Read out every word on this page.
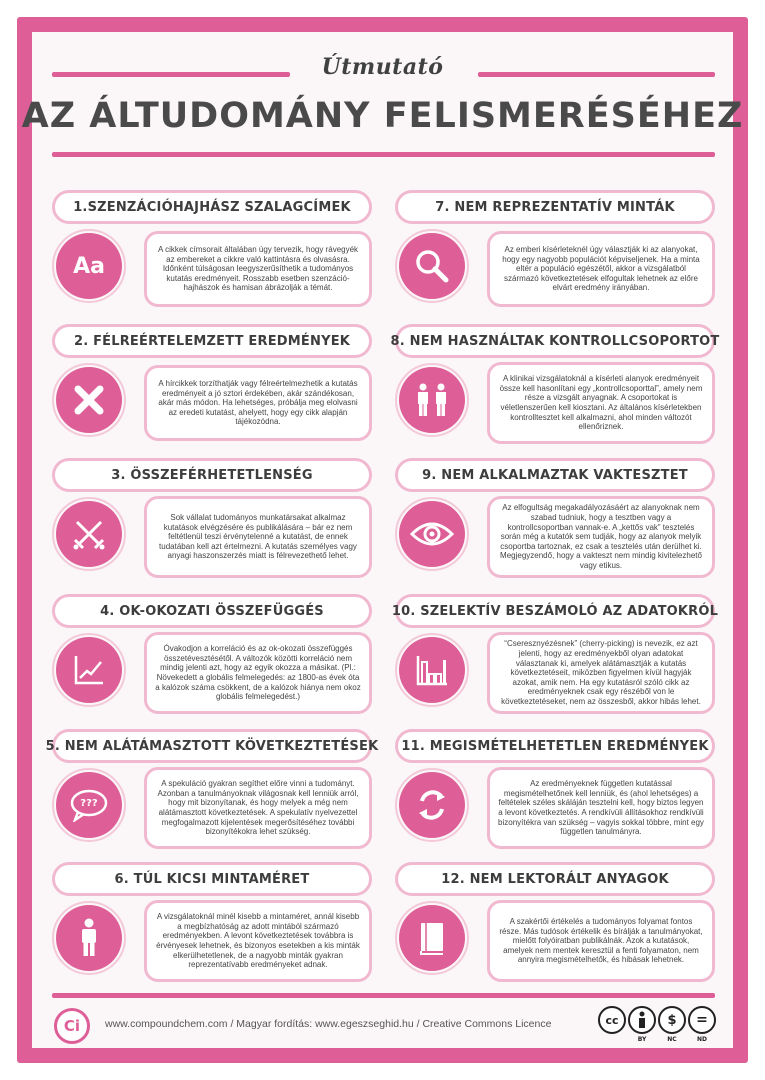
Útmutató
AZ ÁLTUDOMÁNY FELISMERÉSÉHEZ
1.SZENZÁCIÓHAJHÁSZ SZALAGCÍMEK
Aa

A cikkek címsorait általában úgy tervezik, hogy rávegyék az embereket a cikkre való kattintásra és olvasásra. Időnként túlságosan leegyszerűsíthetik a tudományos kutatás eredményeit. Rosszabb esetben szenzáció-hajhászok és hamisan ábrázolják a témát.

2. FÉLREÉRTELEMZETT EREDMÉNYEK

A hírcikkek torzíthatják vagy félreértelmezhetik a kutatás eredményeit a jó sztori érdekében, akár szándékosan, akár más módon. Ha lehetséges, próbálja meg elolvasni az eredeti kutatást, ahelyett, hogy egy cikk alapján tájékozódna.

3. ÖSSZEFÉRHETETLENSÉG

Sok vállalat tudományos munkatársakat alkalmaz kutatások elvégzésére és publikálására – bár ez nem feltétlenül teszi érvénytelenné a kutatást, de ennek tudatában kell azt értelmezni. A kutatás személyes vagy anyagi haszonszerzés miatt is félrevezethető lehet.

4. OK-OKOZATI ÖSSZEFÜGGÉS

Óvakodjon a korreláció és az ok-okozati összefüggés összetévesztésétől. A változók közötti korreláció nem mindig jelenti azt, hogy az egyik okozza a másikat. (Pl.: Növekedett a globális felmelegedés: az 1800-as évek óta a kalózok száma csökkent, de a kalózok hiánya nem okoz globális felmelegedést.)

5. NEM ALÁTÁMASZTOTT KÖVETKEZTETÉSEK
???

A spekuláció gyakran segíthet előre vinni a tudományt. Azonban a tanulmányoknak világosnak kell lenniük arról, hogy mit bizonyítanak, és hogy melyek a még nem alátámasztott következtetések. A spekulatív nyelvezettel megfogalmazott kijelentések megerősítéséhez további bizonyítékokra lehet szükség.

6. TÚL KICSI MINTAMÉRET

A vizsgálatoknál minél kisebb a mintaméret, annál kisebb a megbízhatóság az adott mintából származó eredményekben. A levont következtetések továbbra is érvényesek lehetnek, és bizonyos esetekben a kis minták elkerülhetetlenek, de a nagyobb minták gyakran reprezentatívabb eredményeket adnak.

7. NEM REPREZENTATÍV MINTÁK

Az emberi kísérleteknél úgy választják ki az alanyokat, hogy egy nagyobb populációt képviseljenek. Ha a minta eltér a populáció egészétől, akkor a vizsgálatból származó következtetések elfogultak lehetnek az előre elvárt eredmény irányában.

8. NEM HASZNÁLTAK KONTROLLCSOPORTOT

A klinikai vizsgálatoknál a kísérleti alanyok eredményeit össze kell hasonlítani egy „kontrollcsoporttal”, amely nem része a vizsgált anyagnak. A csoportokat is véletlenszerűen kell kiosztani. Az általános kísérletekben kontrolltesztet kell alkalmazni, ahol minden változót ellenőriznek.

9. NEM ALKALMAZTAK VAKTESZTET

Az elfogultság megakadályozásáért az alanyoknak nem szabad tudniuk, hogy a tesztben vagy a kontrollcsoportban vannak-e. A „kettős vak” tesztelés során még a kutatók sem tudják, hogy az alanyok melyik csoportba tartoznak, ez csak a tesztelés után derülhet ki. Megjegyzendő, hogy a vakteszt nem mindig kivitelezhető vagy etikus.

10. SZELEKTÍV BESZÁMOLÓ AZ ADATOKRÓL

“Cseresznyézésnek” (cherry-picking) is nevezik, ez azt jelenti, hogy az eredményekből olyan adatokat választanak ki, amelyek alátámasztják a kutatás következtetéseit, miközben figyelmen kívül hagyják azokat, amik nem. Ha egy kutatásról szóló cikk az eredményeknek csak egy részéből von le következtetéseket, nem az összesből, akkor hibás lehet.

11. MEGISMÉTELHETETLEN EREDMÉNYEK

Az eredményeknek független kutatással megismételhetőnek kell lenniük, és (ahol lehetséges) a feltételek széles skáláján tesztelni kell, hogy biztos legyen a levont következtetés. A rendkívüli állításokhoz rendkívüli bizonyítékra van szükség – vagyis sokkal többre, mint egy független tanulmányra.

12. NEM LEKTORÁLT ANYAGOK

A szakértői értékelés a tudományos folyamat fontos része. Más tudósok értékelik és bírálják a tanulmányokat, mielőtt folyóiratban publikálnák. Azok a kutatások, amelyek nem mentek keresztül a fenti folyamaton, nem annyira megismételhetők, és hibásak lehetnek.

Ci	www.compoundchem.com / Magyar fordítás: www.egeszseghid.hu / Creative Commons Licence	cc	$ =
BY	NC	ND
